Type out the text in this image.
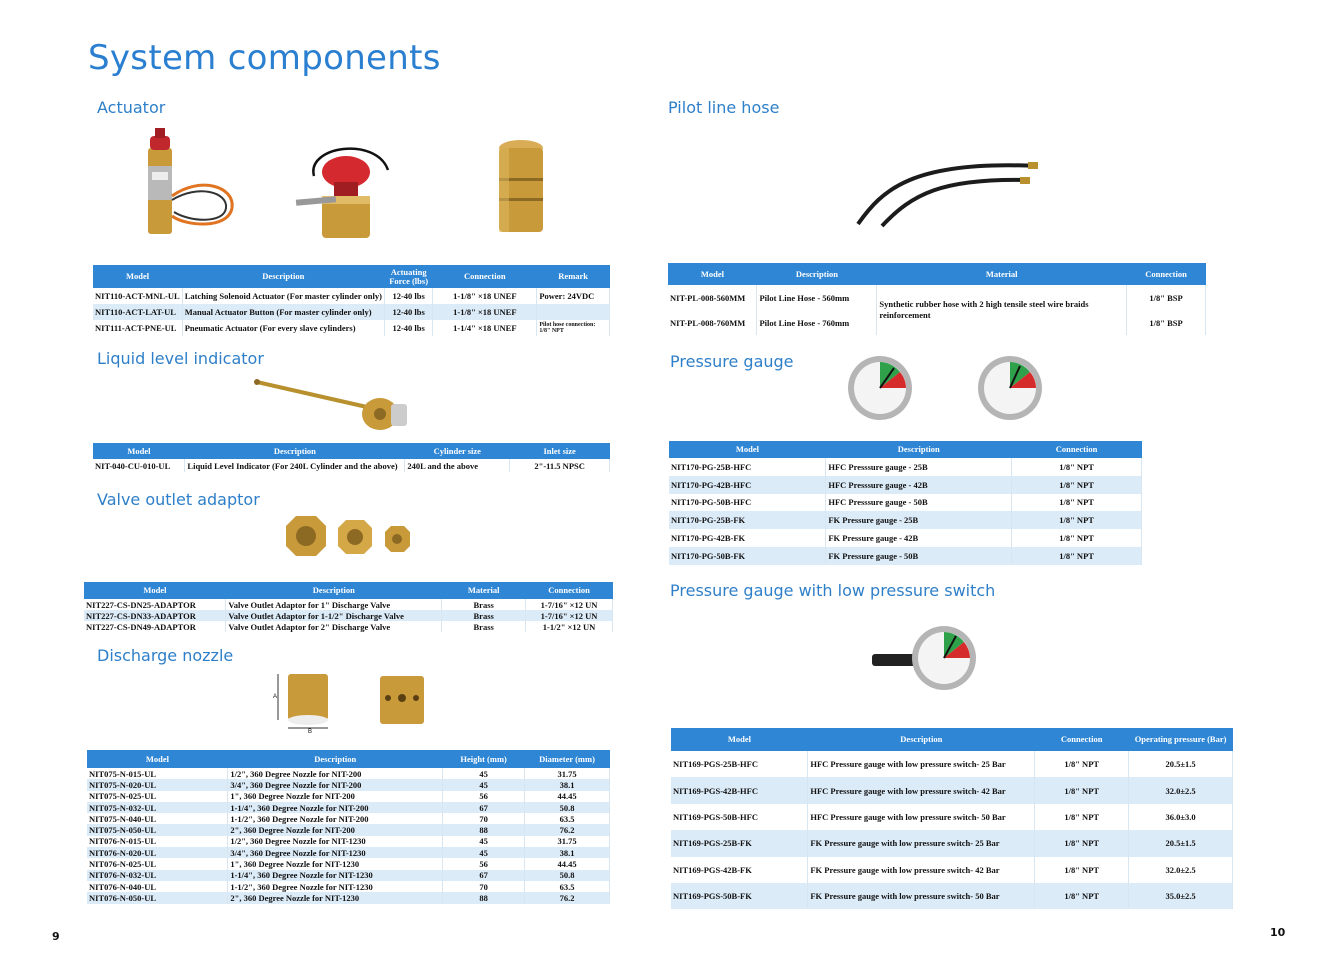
System components
Actuator
Liquid level indicator
Valve outlet adaptor
Discharge nozzle
Pilot line hose
Pressure gauge
Pressure gauge with low pressure switch
A
B
Model	Description	Actuating Force (lbs)	Connection	Remark
NIT110-ACT-MNL-UL	Latching Solenoid Actuator (For master cylinder only)	12-40 lbs	1-1/8" ×18 UNEF	Power: 24VDC
NIT110-ACT-LAT-UL	Manual Actuator Button (For master cylinder only)	12-40 lbs	1-1/8" ×18 UNEF	
NIT111-ACT-PNE-UL	Pneumatic Actuator (For every slave cylinders)	12-40 lbs	1-1/4" ×18 UNEF	Pilot hose connection: 1/8" NPT
Model	Description	Cylinder size	Inlet size
NIT-040-CU-010-UL	Liquid Level Indicator (For 240L Cylinder and the above)	240L and the above	2"-11.5 NPSC
Model	Description	Material	Connection
NIT227-CS-DN25-ADAPTOR	Valve Outlet Adaptor for 1" Discharge Valve	Brass	1-7/16" ×12 UN
NIT227-CS-DN33-ADAPTOR	Valve Outlet Adaptor for 1-1/2" Discharge Valve	Brass	1-7/16" ×12 UN
NIT227-CS-DN49-ADAPTOR	Valve Outlet Adaptor for 2" Discharge Valve	Brass	1-1/2" ×12 UN
Model	Description	Height (mm)	Diameter (mm)
NIT075-N-015-UL	1/2", 360 Degree Nozzle for NIT-200	45	31.75
NIT075-N-020-UL	3/4", 360 Degree Nozzle for NIT-200	45	38.1
NIT075-N-025-UL	1", 360 Degree Nozzle for NIT-200	56	44.45
NIT075-N-032-UL	1-1/4", 360 Degree Nozzle for NIT-200	67	50.8
NIT075-N-040-UL	1-1/2", 360 Degree Nozzle for NIT-200	70	63.5
NIT075-N-050-UL	2", 360 Degree Nozzle for NIT-200	88	76.2
NIT076-N-015-UL	1/2", 360 Degree Nozzle for NIT-1230	45	31.75
NIT076-N-020-UL	3/4", 360 Degree Nozzle for NIT-1230	45	38.1
NIT076-N-025-UL	1", 360 Degree Nozzle for NIT-1230	56	44.45
NIT076-N-032-UL	1-1/4", 360 Degree Nozzle for NIT-1230	67	50.8
NIT076-N-040-UL	1-1/2", 360 Degree Nozzle for NIT-1230	70	63.5
NIT076-N-050-UL	2", 360 Degree Nozzle for NIT-1230	88	76.2
Model	Description	Material	Connection
NIT-PL-008-560MM	Pilot Line Hose - 560mm	Synthetic rubber hose with 2 high tensile steel wire braids reinforcement	1/8" BSP
NIT-PL-008-760MM	Pilot Line Hose - 760mm		1/8" BSP
Model	Description	Connection
NIT170-PG-25B-HFC	HFC Presssure gauge - 25B	1/8" NPT
NIT170-PG-42B-HFC	HFC Presssure gauge - 42B	1/8" NPT
NIT170-PG-50B-HFC	HFC Presssure gauge - 50B	1/8" NPT
NIT170-PG-25B-FK	FK Pressure gauge - 25B	1/8" NPT
NIT170-PG-42B-FK	FK Pressure gauge - 42B	1/8" NPT
NIT170-PG-50B-FK	FK Pressure gauge - 50B	1/8" NPT
Model	Description	Connection	Operating pressure (Bar)
NIT169-PGS-25B-HFC	HFC Pressure gauge with low pressure switch- 25 Bar	1/8" NPT	20.5±1.5
NIT169-PGS-42B-HFC	HFC Pressure gauge with low pressure switch- 42 Bar	1/8" NPT	32.0±2.5
NIT169-PGS-50B-HFC	HFC Pressure gauge with low pressure switch- 50 Bar	1/8" NPT	36.0±3.0
NIT169-PGS-25B-FK	FK Pressure gauge with low pressure switch- 25 Bar	1/8" NPT	20.5±1.5
NIT169-PGS-42B-FK	FK Pressure gauge with low pressure switch- 42 Bar	1/8" NPT	32.0±2.5
NIT169-PGS-50B-FK	FK Pressure gauge with low pressure switch- 50 Bar	1/8" NPT	35.0±2.5
9	10
